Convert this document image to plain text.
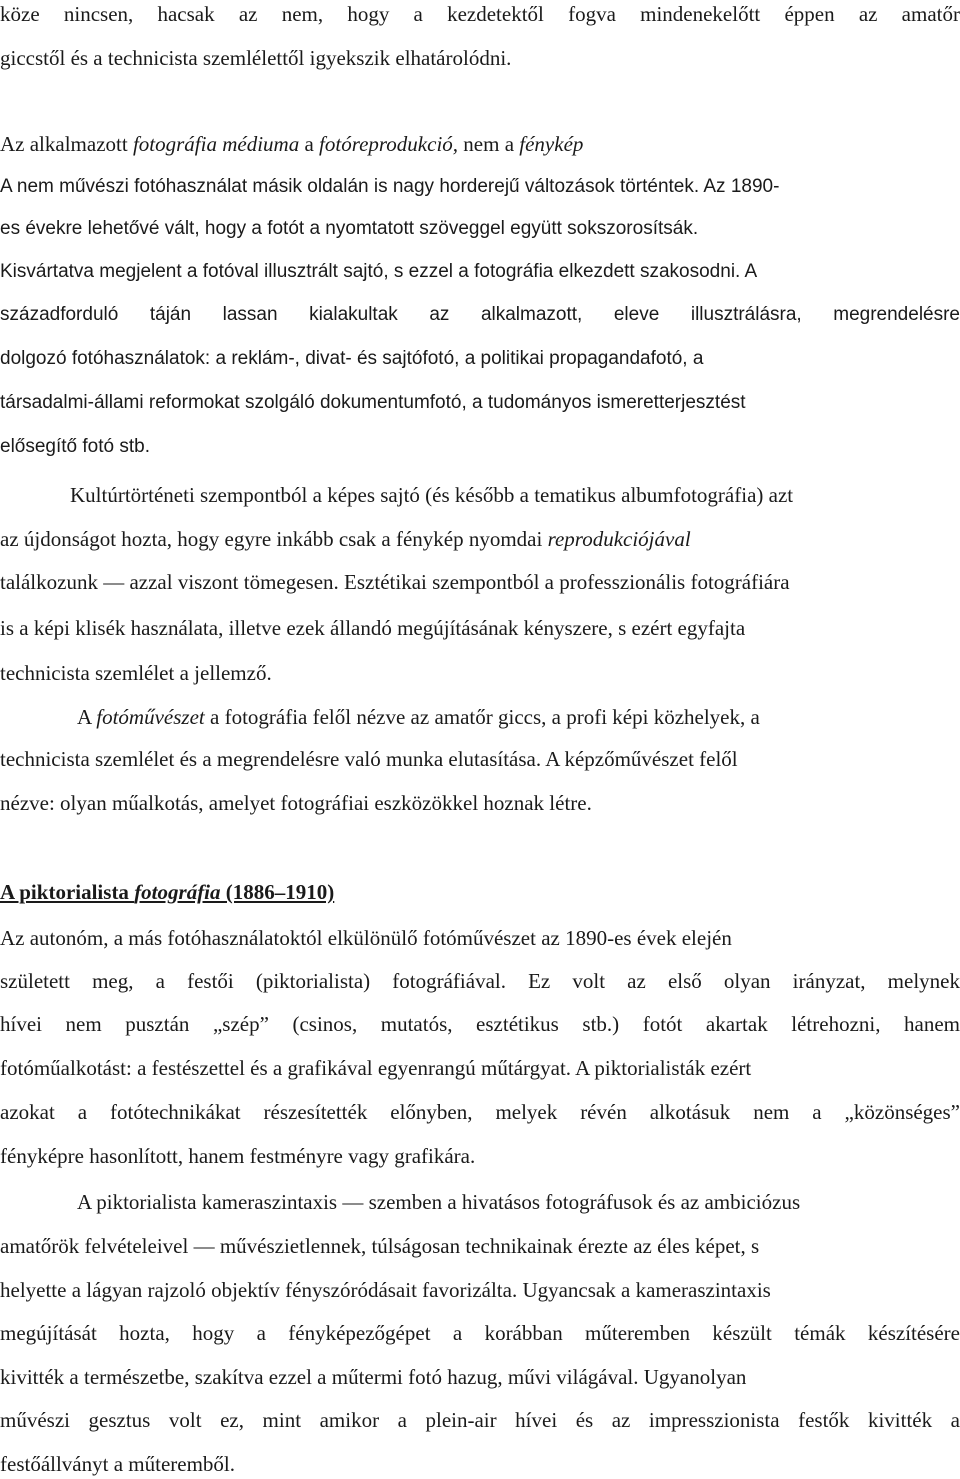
köze nincsen, hacsak az nem, hogy a kezdetektől fogva mindenekelőtt éppen az amatőr
giccstől és a technicista szemlélettől igyekszik elhatárolódni.
Az alkalmazott fotográfia médiuma a fotóreprodukció, nem a fénykép
A nem művészi fotóhasználat másik oldalán is nagy horderejű változások történtek. Az 1890-
es évekre lehetővé vált, hogy a fotót a nyomtatott szöveggel együtt sokszorosítsák.
Kisvártatva megjelent a fotóval illusztrált sajtó, s ezzel a fotográfia elkezdett szakosodni. A
századforduló táján lassan kialakultak az alkalmazott, eleve illusztrálásra, megrendelésre
dolgozó fotóhasználatok: a reklám-, divat- és sajtófotó, a politikai propagandafotó, a
társadalmi-állami reformokat szolgáló dokumentumfotó, a tudományos ismeretterjesztést
elősegítő fotó stb.
Kultúrtörténeti szempontból a képes sajtó (és később a tematikus albumfotográfia) azt
az újdonságot hozta, hogy egyre inkább csak a fénykép nyomdai reprodukciójával
találkozunk — azzal viszont tömegesen. Esztétikai szempontból a professzionális fotográfiára
is a képi klisék használata, illetve ezek állandó megújításának kényszere, s ezért egyfajta
technicista szemlélet a jellemző.
A fotóművészet a fotográfia felől nézve az amatőr giccs, a profi képi közhelyek, a
technicista szemlélet és a megrendelésre való munka elutasítása. A képzőművészet felől
nézve: olyan műalkotás, amelyet fotográfiai eszközökkel hoznak létre.
A piktorialista fotográfia (1886–1910)
Az autonóm, a más fotóhasználatoktól elkülönülő fotóművészet az 1890-es évek elején
született meg, a festői (piktorialista) fotográfiával. Ez volt az első olyan irányzat, melynek
hívei nem pusztán „szép” (csinos, mutatós, esztétikus stb.) fotót akartak létrehozni, hanem
fotóműalkotást: a festészettel és a grafikával egyenrangú műtárgyat. A piktorialisták ezért
azokat a fotótechnikákat részesítették előnyben, melyek révén alkotásuk nem a „közönséges”
fényképre hasonlított, hanem festményre vagy grafikára.
A piktorialista kameraszintaxis — szemben a hivatásos fotográfusok és az ambiciózus
amatőrök felvételeivel — művészietlennek, túlságosan technikainak érezte az éles képet, s
helyette a lágyan rajzoló objektív fényszóródásait favorizálta. Ugyancsak a kameraszintaxis
megújítását hozta, hogy a fényképezőgépet a korábban műteremben készült témák készítésére
kivitték a természetbe, szakítva ezzel a műtermi fotó hazug, művi világával. Ugyanolyan
művészi gesztus volt ez, mint amikor a plein-air hívei és az impresszionista festők kivitték a
festőállványt a műteremből.
